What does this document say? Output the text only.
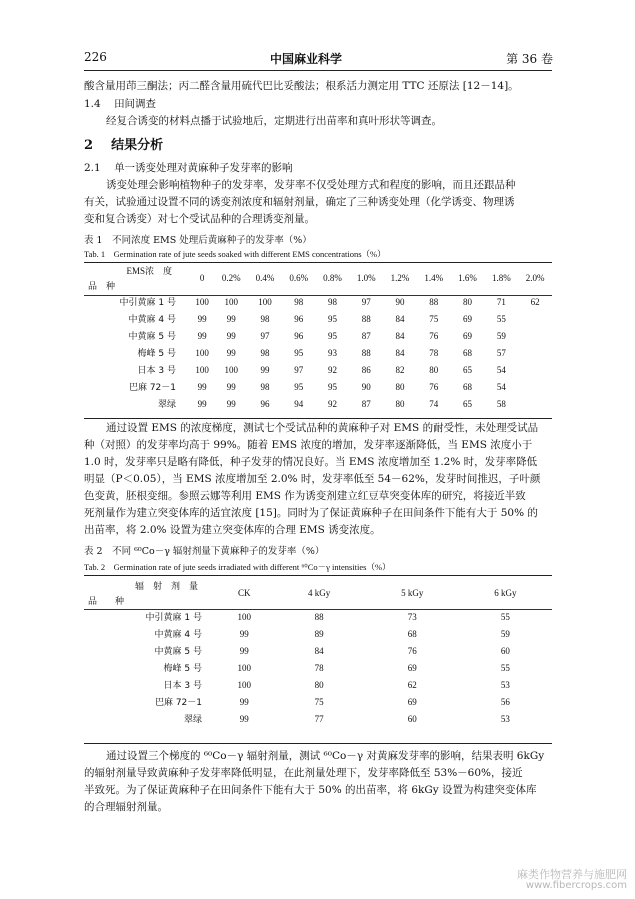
226	中国麻业科学	第 36 卷
酸含量用茚三酮法；丙二醛含量用硫代巴比妥酸法；根系活力测定用 TTC 还原法 [12－14]。
1.4 田间调查
经复合诱变的材料点播于试验地后，定期进行出苗率和真叶形状等调查。
2 结果分析
2.1 单一诱变处理对黄麻种子发芽率的影响
诱变处理会影响植物种子的发芽率，发芽率不仅受处理方式和程度的影响，而且还跟品种
有关，试验通过设置不同的诱变剂浓度和辐射剂量，确定了三种诱变处理（化学诱变、物理诱
变和复合诱变）对七个受试品种的合理诱变剂量。
表 1　不同浓度 EMS 处理后黄麻种子的发芽率（%）
Tab. 1　Germination rate of jute seeds soaked with different EMS concentrations（%）
EMS浓　度
品　种	0	0.2%	0.4%	0.6%	0.8%	1.0%	1.2%	1.4%	1.6%	1.8%	2.0%
中引黄麻 1 号	100	100	100	98	98	97	90	88	80	71	62
中黄麻 4 号	99	99	98	96	95	88	84	75	69	55	
中黄麻 5 号	99	99	97	96	95	87	84	76	69	59	
梅峰 5 号	100	99	98	95	93	88	84	78	68	57	
日本 3 号	100	100	99	97	92	86	82	80	65	54	
巴麻 72－1	99	99	98	95	95	90	80	76	68	54	
翠绿	99	99	96	94	92	87	80	74	65	58	
通过设置 EMS 的浓度梯度，测试七个受试品种的黄麻种子对 EMS 的耐受性，未处理受试品
种（对照）的发芽率均高于 99%。随着 EMS 浓度的增加，发芽率逐渐降低，当 EMS 浓度小于
1.0 时，发芽率只是略有降低，种子发芽的情况良好。当 EMS 浓度增加至 1.2% 时，发芽率降低
明显（P＜0.05），当 EMS 浓度增加至 2.0% 时，发芽率低至 54－62%，发芽时间推迟，子叶颜
色变黄，胚根变细。参照云娜等利用 EMS 作为诱变剂建立红豆草突变体库的研究，将接近半致
死剂量作为建立突变体库的适宜浓度 [15]。同时为了保证黄麻种子在田间条件下能有大于 50% 的
出苗率，将 2.0% 设置为建立突变体库的合理 EMS 诱变浓度。
表 2　不同 ⁶⁰Co－γ 辐射剂量下黄麻种子的发芽率（%）
Tab. 2　Germination rate of jute seeds irradiated with different ⁶⁰Co－γ intensities（%）
辐　射　剂　量
品　　种	CK	4 kGy	5 kGy	6 kGy
中引黄麻 1 号	100	88	73	55
中黄麻 4 号	99	89	68	59
中黄麻 5 号	99	84	76	60
梅峰 5 号	100	78	69	55
日本 3 号	100	80	62	53
巴麻 72－1	99	75	69	56
翠绿	99	77	60	53
通过设置三个梯度的 ⁶⁰Co－γ 辐射剂量，测试 ⁶⁰Co－γ 对黄麻发芽率的影响，结果表明 6kGy
的辐射剂量导致黄麻种子发芽率降低明显，在此剂量处理下，发芽率降低至 53%－60%，接近
半致死。为了保证黄麻种子在田间条件下能有大于 50% 的出苗率，将 6kGy 设置为构建突变体库
的合理辐射剂量。
麻类作物营养与施肥网
www.fibercrops.com
